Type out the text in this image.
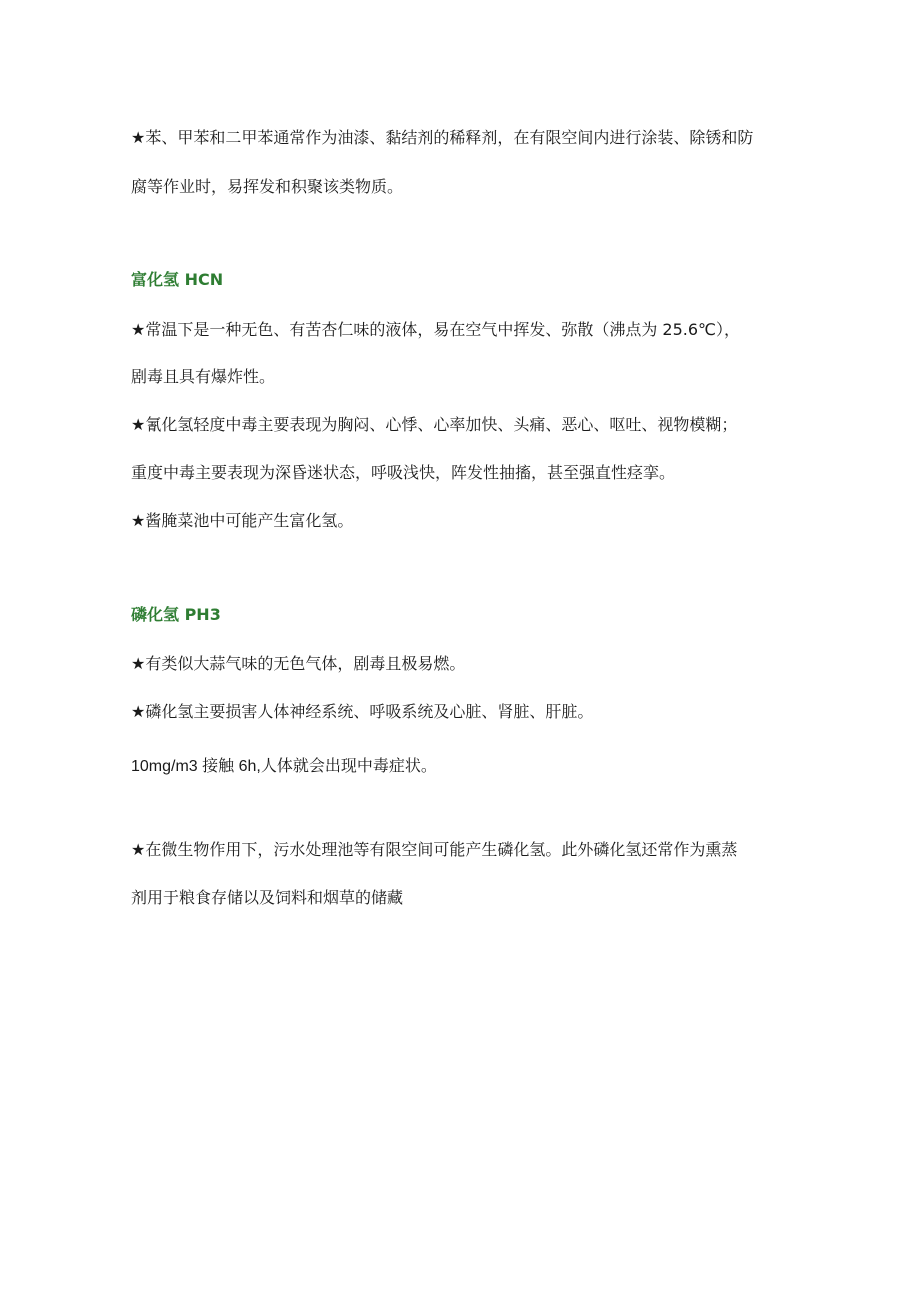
★苯、甲苯和二甲苯通常作为油漆、黏结剂的稀释剂，在有限空间内进行涂装、除锈和防
腐等作业时，易挥发和积聚该类物质。
富化氢 HCN
★常温下是一种无色、有苦杏仁味的液体，易在空气中挥发、弥散（沸点为 25.6℃），
剧毒且具有爆炸性。
★氰化氢轻度中毒主要表现为胸闷、心悸、心率加快、头痛、恶心、呕吐、视物模糊；
重度中毒主要表现为深昏迷状态，呼吸浅快，阵发性抽搐，甚至强直性痉挛。
★酱腌菜池中可能产生富化氢。
磷化氢 PH3
★有类似大蒜气味的无色气体，剧毒且极易燃。
★磷化氢主要损害人体神经系统、呼吸系统及心脏、肾脏、肝脏。
10mg/m3 接触 6h,人体就会出现中毒症状。
★在微生物作用下，污水处理池等有限空间可能产生磷化氢。此外磷化氢还常作为熏蒸
剂用于粮食存储以及饲料和烟草的储藏
